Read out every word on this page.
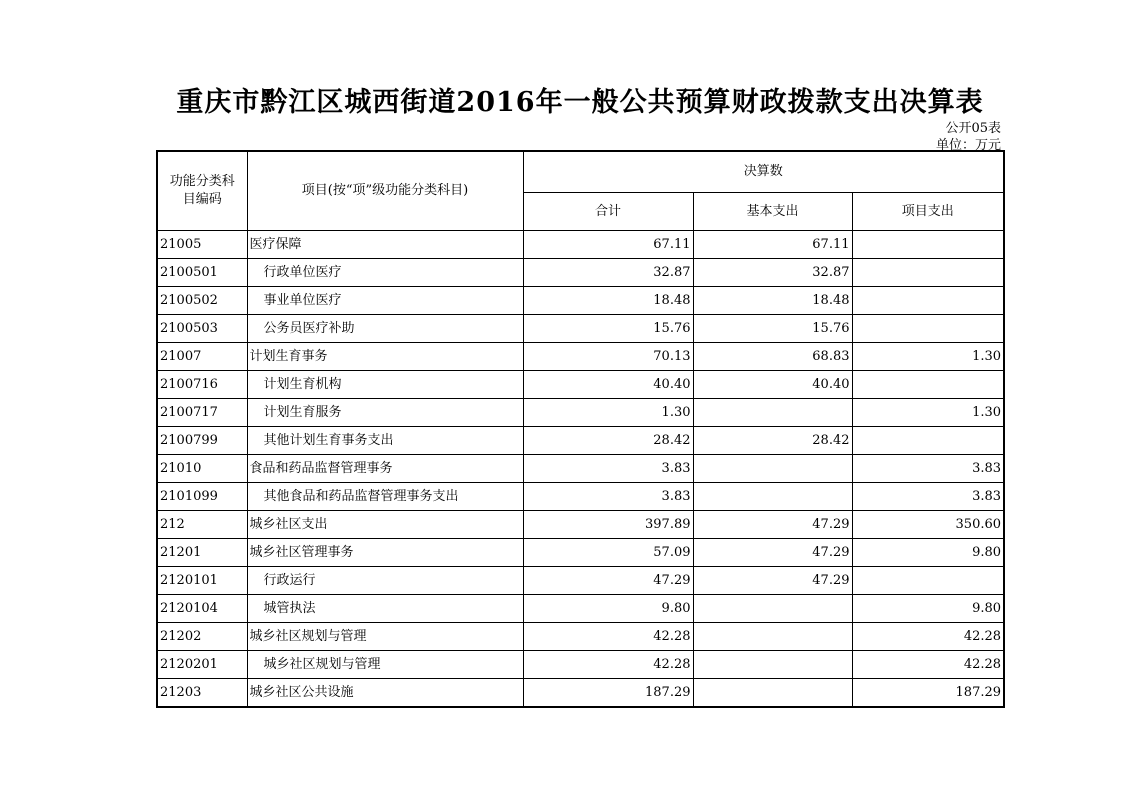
重庆市黔江区城西街道2016年一般公共预算财政拨款支出决算表
公开05表
单位：万元
功能分类科目编码	项目(按“项”级功能分类科目)	决算数		
		合计	基本支出	项目支出
21005	医疗保障	67.11	67.11	
2100501	行政单位医疗	32.87	32.87	
2100502	事业单位医疗	18.48	18.48	
2100503	公务员医疗补助	15.76	15.76	
21007	计划生育事务	70.13	68.83	1.30
2100716	计划生育机构	40.40	40.40	
2100717	计划生育服务	1.30		1.30
2100799	其他计划生育事务支出	28.42	28.42	
21010	食品和药品监督管理事务	3.83		3.83
2101099	其他食品和药品监督管理事务支出	3.83		3.83
212	城乡社区支出	397.89	47.29	350.60
21201	城乡社区管理事务	57.09	47.29	9.80
2120101	行政运行	47.29	47.29	
2120104	城管执法	9.80		9.80
21202	城乡社区规划与管理	42.28		42.28
2120201	城乡社区规划与管理	42.28		42.28
21203	城乡社区公共设施	187.29		187.29
